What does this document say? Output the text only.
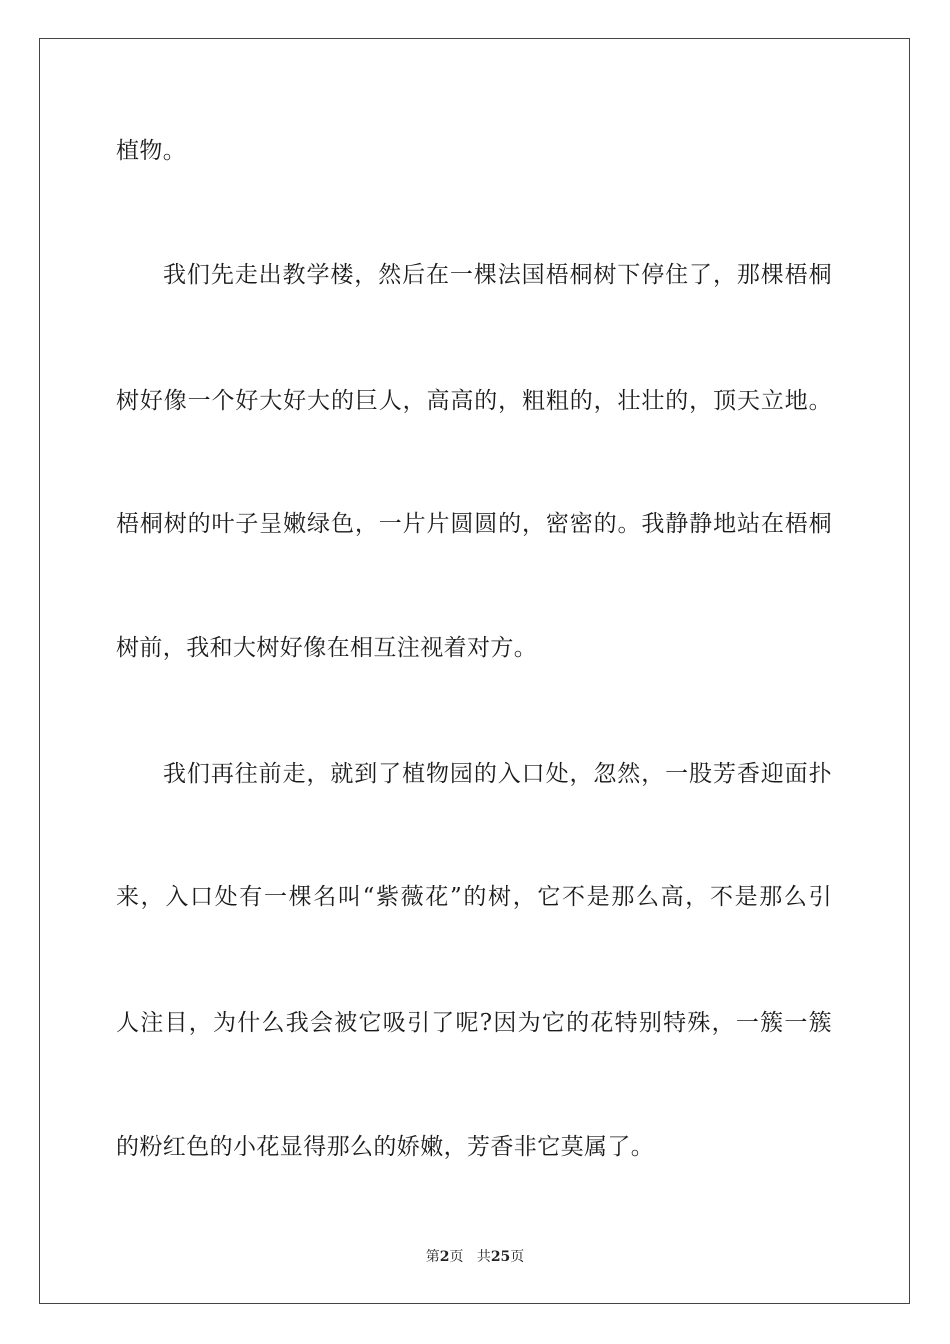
植物。
我们先走出教学楼，然后在一棵法国梧桐树下停住了，那棵梧桐
树好像一个好大好大的巨人，高高的，粗粗的，壮壮的，顶天立地。
梧桐树的叶子呈嫩绿色，一片片圆圆的，密密的。我静静地站在梧桐
树前，我和大树好像在相互注视着对方。
我们再往前走，就到了植物园的入口处，忽然，一股芳香迎面扑
来，入口处有一棵名叫“紫薇花”的树，它不是那么高，不是那么引
人注目，为什么我会被它吸引了呢?因为它的花特别特殊，一簇一簇
的粉红色的小花显得那么的娇嫩，芳香非它莫属了。
第2页 共25页
